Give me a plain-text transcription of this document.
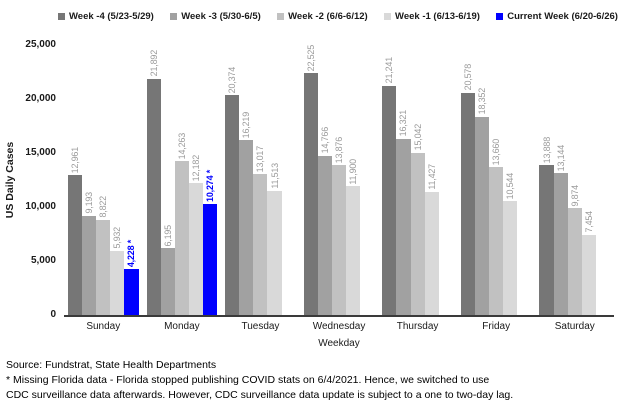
Week -4 (5/23-5/29)	Week -3 (5/30-6/5)	Week -2 (6/6-6/12)	Week -1 (6/13-6/19)	Current Week (6/20-6/26)
US Daily Cases
0
5,000
10,000
15,000
20,000
25,000
12,961
9,193 8,822
5,932
4,228 *
21,892
6,195
14,263
12,182
10,274 *
20,374
16,219
13,017
11,513
22,525
14,766 13,876
11,900
21,241
16,321
15,042
11,427
20,578
18,352
13,660
10,544
13,888 13,144
9,874
7,454
Sunday	Monday	Tuesday	Wednesday	Thursday	Friday	Saturday
Weekday
Source: Fundstrat, State Health Departments
* Missing Florida data - Florida stopped publishing COVID stats on 6/4/2021. Hence, we switched to use
CDC surveillance data afterwards. However, CDC surveillance data update is subject to a one to two-day lag.
